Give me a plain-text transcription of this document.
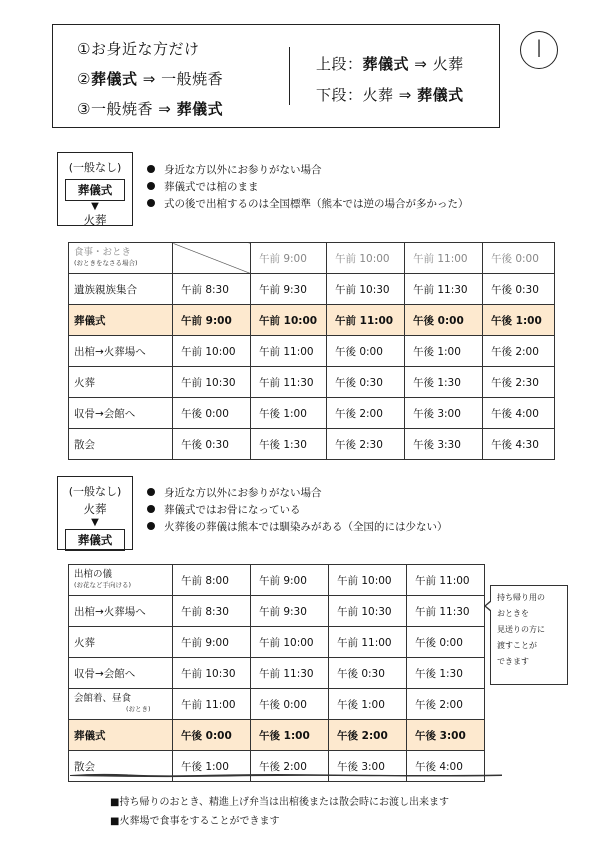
①お身近な方だけ
②葬儀式 ⇒ 一般焼香
③一般焼香 ⇒ 葬儀式
上段：葬儀式 ⇒ 火葬
下段：火葬 ⇒ 葬儀式
Ⅰ
(一般なし)
葬儀式
▼
火葬
身近な方以外にお参りがない場合
葬儀式では棺のまま
式の後で出棺するのは全国標準（熊本では逆の場合が多かった）
食事・おとき
(おときをなさる場合)		午前 9:00	午前 10:00	午前 11:00	午後 0:00
遺族親族集合	午前 8:30	午前 9:30	午前 10:30	午前 11:30	午後 0:30
葬儀式	午前 9:00	午前 10:00	午前 11:00	午後 0:00	午後 1:00
出棺→火葬場へ	午前 10:00	午前 11:00	午後 0:00	午後 1:00	午後 2:00
火葬	午前 10:30	午前 11:30	午後 0:30	午後 1:30	午後 2:30
収骨→会館へ	午後 0:00	午後 1:00	午後 2:00	午後 3:00	午後 4:00
散会	午後 0:30	午後 1:30	午後 2:30	午後 3:30	午後 4:30
(一般なし)
火葬
▼
葬儀式
身近な方以外にお参りがない場合
葬儀式ではお骨になっている
火葬後の葬儀は熊本では馴染みがある（全国的には少ない）
出棺の儀
(お花など手向ける)	午前 8:00	午前 9:00	午前 10:00	午前 11:00
出棺→火葬場へ	午前 8:30	午前 9:30	午前 10:30	午前 11:30
火葬	午前 9:00	午前 10:00	午前 11:00	午後 0:00
収骨→会館へ	午前 10:30	午前 11:30	午後 0:30	午後 1:30
会館着、昼食
(おとき)	午前 11:00	午後 0:00	午後 1:00	午後 2:00
葬儀式	午後 0:00	午後 1:00	午後 2:00	午後 3:00
散会	午後 1:00	午後 2:00	午後 3:00	午後 4:00
持ち帰り用の
おときを
見送りの方に
渡すことが
できます
■持ち帰りのおとき、精進上げ弁当は出棺後または散会時にお渡し出来ます
■火葬場で食事をすることができます
